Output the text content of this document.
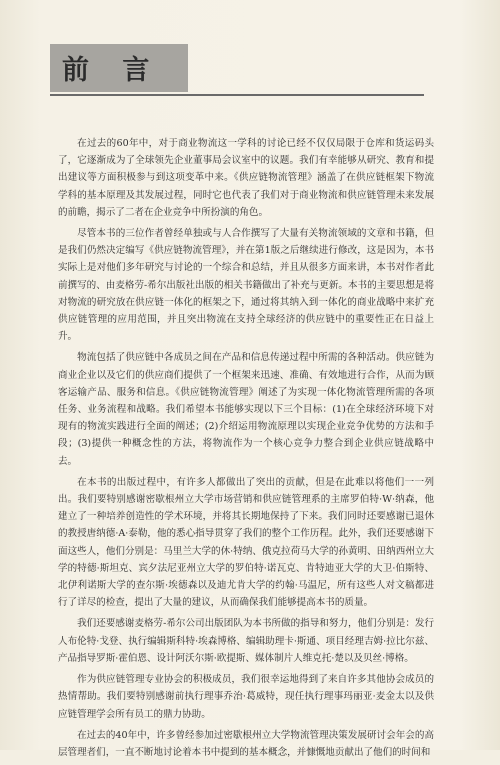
前 言

在过去的60年中，对于商业物流这一学科的讨论已经不仅仅局限于仓库和货运码头了，它逐渐成为了全球领先企业董事局会议室中的议题。我们有幸能够从研究、教育和提出建议等方面积极参与到这项变革中来。《供应链物流管理》涵盖了在供应链框架下物流学科的基本原理及其发展过程，同时它也代表了我们对于商业物流和供应链管理未来发展的前瞻，揭示了二者在企业竞争中所扮演的角色。

尽管本书的三位作者曾经单独或与人合作撰写了大量有关物流领域的文章和书籍，但是我们仍然决定编写《供应链物流管理》，并在第1版之后继续进行修改，这是因为，本书实际上是对他们多年研究与讨论的一个综合和总结，并且从很多方面来讲，本书对作者此前撰写的、由麦格劳-希尔出版社出版的相关书籍做出了补充与更新。本书的主要思想是将对物流的研究放在供应链一体化的框架之下，通过将其纳入到一体化的商业战略中来扩充供应链管理的应用范围，并且突出物流在支持全球经济的供应链中的重要性正在日益上升。

物流包括了供应链中各成员之间在产品和信息传递过程中所需的各种活动。供应链为商业企业以及它们的供应商们提供了一个框架来迅速、准确、有效地进行合作，从而为顾客运输产品、服务和信息。《供应链物流管理》阐述了为实现一体化物流管理所需的各项任务、业务流程和战略。我们希望本书能够实现以下三个目标：(1)在全球经济环境下对现有的物流实践进行全面的阐述；(2)介绍运用物流原理以实现企业竞争优势的方法和手段；(3)提供一种概念性的方法，将物流作为一个核心竞争力整合到企业供应链战略中去。

在本书的出版过程中，有许多人都做出了突出的贡献，但是在此难以将他们一一列出。我们要特别感谢密歇根州立大学市场营销和供应链管理系的主席罗伯特·W·纳森，他建立了一种培养创造性的学术环境，并将其长期地保持了下来。我们同时还要感谢已退休的教授唐纳德·A·泰勒，他的悉心指导贯穿了我们的整个工作历程。此外，我们还要感谢下面这些人，他们分别是：马里兰大学的休·特纳、俄克拉荷马大学的孙黄明、田纳西州立大学的特德·斯坦克、宾夕法尼亚州立大学的罗伯特·诺瓦克、肯特迪亚大学的大卫·伯斯特、北伊利诺斯大学的查尔斯·埃德森以及迪尤肯大学的约翰·马温尼，所有这些人对文稿都进行了详尽的检查，提出了大量的建议，从而确保我们能够提高本书的质量。

我们还要感谢麦格劳-希尔公司出版团队为本书所做的指导和努力，他们分别是：发行人布伦特·戈登、执行编辑斯科特·埃森博格、编辑助理卡·斯通、项目经理吉姆·拉比尔兹、产品指导罗斯·霍伯恩、设计阿沃尔斯·欧提斯、媒体制片人维克托·楚以及贝丝·博格。

作为供应链管理专业协会的积极成员，我们很幸运地得到了来自许多其他协会成员的热情帮助。我们要特别感谢前执行理事乔治·葛威特，现任执行理事玛丽亚·麦金太以及供应链管理学会所有员工的鼎力协助。

在过去的40年中，许多曾经参加过密歇根州立大学物流管理决策发展研讨会年会的高层管理者们，一直不断地讨论着本书中提到的基本概念，并慷慨地贡献出了他们的时间和
